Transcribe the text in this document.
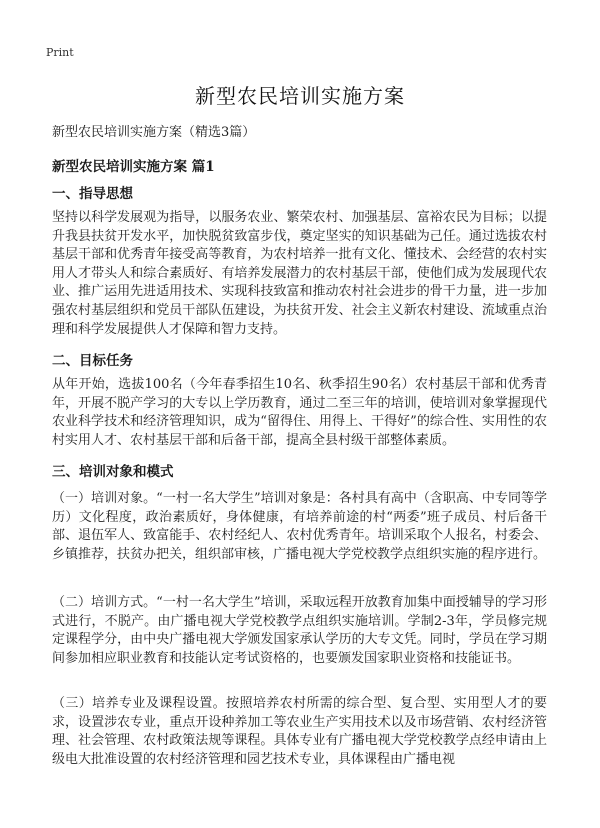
Print
新型农民培训实施方案
新型农民培训实施方案（精选3篇）
新型农民培训实施方案 篇1
一、指导思想
坚持以科学发展观为指导，以服务农业、繁荣农村、加强基层、富裕农民为目标；以提升我县扶贫开发水平，加快脱贫致富步伐，奠定坚实的知识基础为己任。通过选拔农村基层干部和优秀青年接受高等教育，为农村培养一批有文化、懂技术、会经营的农村实用人才带头人和综合素质好、有培养发展潜力的农村基层干部，使他们成为发展现代农业、推广运用先进适用技术、实现科技致富和推动农村社会进步的骨干力量，进一步加强农村基层组织和党员干部队伍建设，为扶贫开发、社会主义新农村建设、流域重点治理和科学发展提供人才保障和智力支持。
二、目标任务
从年开始，选拔100名（今年春季招生10名、秋季招生90名）农村基层干部和优秀青年，开展不脱产学习的大专以上学历教育，通过二至三年的培训，使培训对象掌握现代农业科学技术和经济管理知识，成为“留得住、用得上、干得好”的综合性、实用性的农村实用人才、农村基层干部和后备干部，提高全县村级干部整体素质。
三、培训对象和模式
（一）培训对象。“一村一名大学生”培训对象是：各村具有高中（含职高、中专同等学历）文化程度，政治素质好，身体健康，有培养前途的村“两委”班子成员、村后备干部、退伍军人、致富能手、农村经纪人、农村优秀青年。培训采取个人报名，村委会、乡镇推荐，扶贫办把关，组织部审核，广播电视大学党校教学点组织实施的程序进行。
（二）培训方式。“一村一名大学生”培训，采取远程开放教育加集中面授辅导的学习形式进行，不脱产。由广播电视大学党校教学点组织实施培训。学制2-3年，学员修完规定课程学分，由中央广播电视大学颁发国家承认学历的大专文凭。同时，学员在学习期间参加相应职业教育和技能认定考试资格的，也要颁发国家职业资格和技能证书。
（三）培养专业及课程设置。按照培养农村所需的综合型、复合型、实用型人才的要求，设置涉农专业，重点开设种养加工等农业生产实用技术以及市场营销、农村经济管理、社会管理、农村政策法规等课程。具体专业有广播电视大学党校教学点经申请由上级电大批准设置的农村经济管理和园艺技术专业，具体课程由广播电视
